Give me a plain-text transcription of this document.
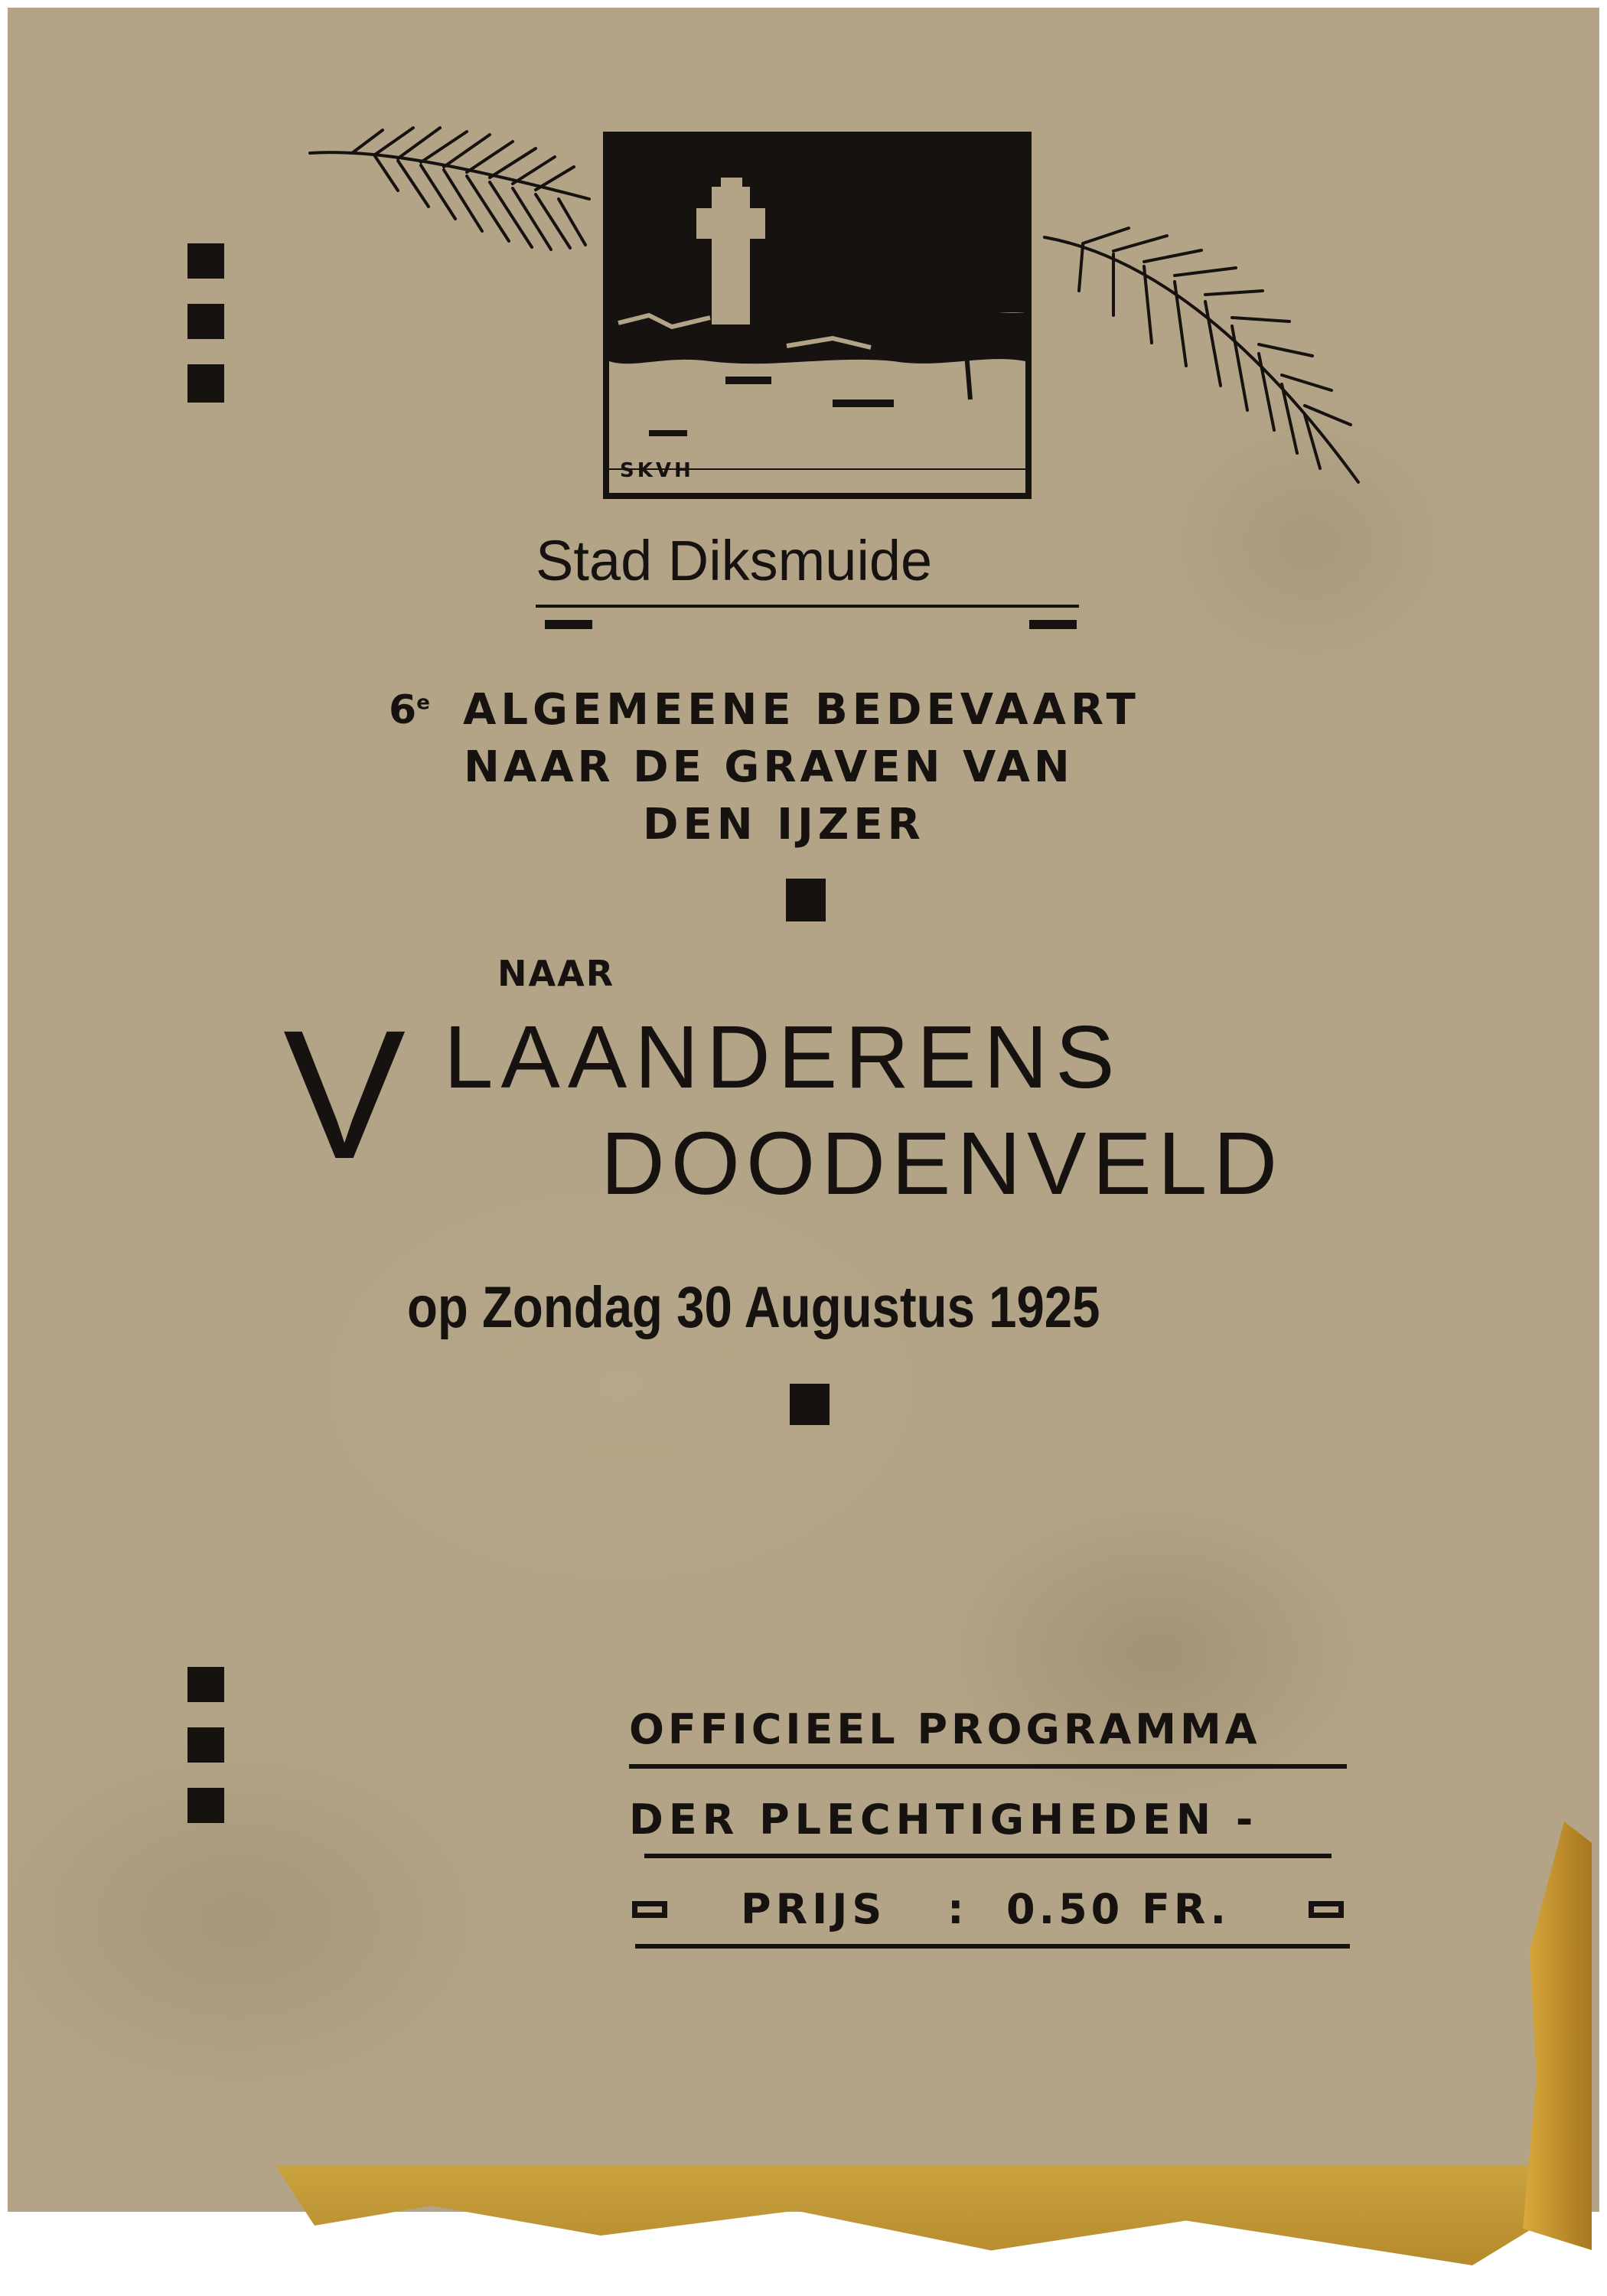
SKVH
Stad Diksmuide
6e ALGEMEENE BEDEVAART
NAAR DE GRAVEN VAN
DEN IJZER
NAAR
V LAANDERENS
DOODENVELD
op Zondag 30 Augustus 1925
OFFICIEEL PROGRAMMA
DER PLECHTIGHEDEN -
PRIJS : 0.50 FR.
